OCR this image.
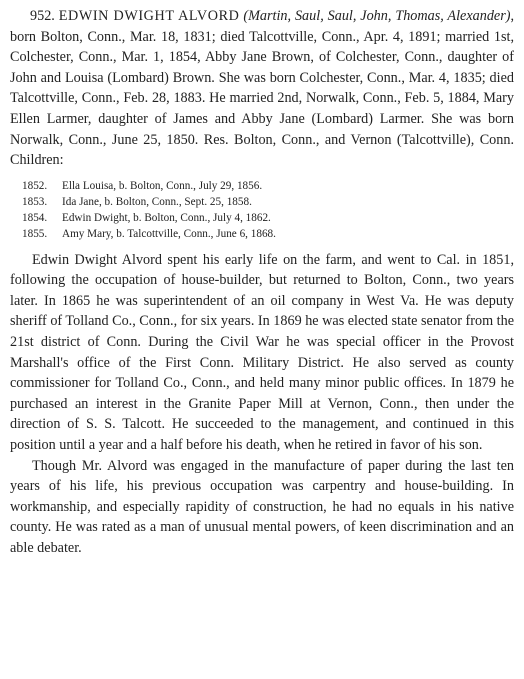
952. EDWIN DWIGHT ALVORD (Martin, Saul, Saul, John, Thomas, Alexander), born Bolton, Conn., Mar. 18, 1831; died Talcottville, Conn., Apr. 4, 1891; married 1st, Colchester, Conn., Mar. 1, 1854, Abby Jane Brown, of Colchester, Conn., daughter of John and Louisa (Lombard) Brown. She was born Colchester, Conn., Mar. 4, 1835; died Talcottville, Conn., Feb. 28, 1883. He married 2nd, Norwalk, Conn., Feb. 5, 1884, Mary Ellen Larmer, daughter of James and Abby Jane (Lombard) Larmer. She was born Norwalk, Conn., June 25, 1850. Res. Bolton, Conn., and Vernon (Talcottville), Conn. Children:

1852. Ella Louisa, b. Bolton, Conn., July 29, 1856.
1853. Ida Jane, b. Bolton, Conn., Sept. 25, 1858.
1854. Edwin Dwight, b. Bolton, Conn., July 4, 1862.
1855. Amy Mary, b. Talcottville, Conn., June 6, 1868.

Edwin Dwight Alvord spent his early life on the farm, and went to Cal. in 1851, following the occupation of house-builder, but returned to Bolton, Conn., two years later. In 1865 he was superintendent of an oil company in West Va. He was deputy sheriff of Tolland Co., Conn., for six years. In 1869 he was elected state senator from the 21st district of Conn. During the Civil War he was special officer in the Provost Marshall's office of the First Conn. Military District. He also served as county commissioner for Tolland Co., Conn., and held many minor public offices. In 1879 he purchased an interest in the Granite Paper Mill at Vernon, Conn., then under the direction of S. S. Talcott. He succeeded to the management, and continued in this position until a year and a half before his death, when he retired in favor of his son.

Though Mr. Alvord was engaged in the manufacture of paper during the last ten years of his life, his previous occupation was carpentry and house-building. In workmanship, and especially rapidity of construction, he had no equals in his native county. He was rated as a man of unusual mental powers, of keen discrimination and an able debater.
